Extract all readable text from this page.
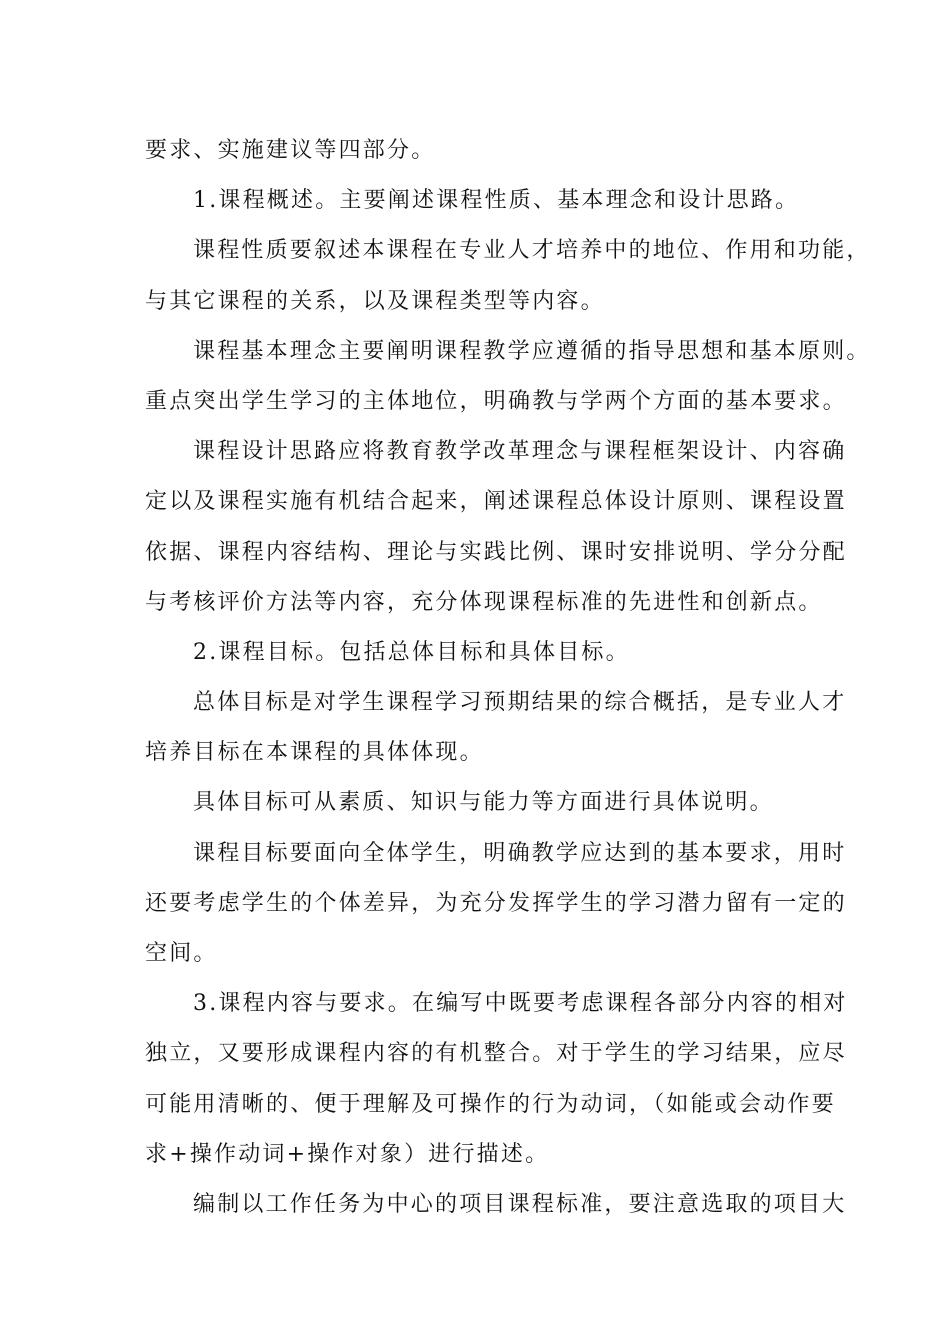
要求、实施建议等四部分。
1.课程概述。主要阐述课程性质、基本理念和设计思路。
课程性质要叙述本课程在专业人才培养中的地位、作用和功能，
与其它课程的关系，以及课程类型等内容。
课程基本理念主要阐明课程教学应遵循的指导思想和基本原则。
重点突出学生学习的主体地位，明确教与学两个方面的基本要求。
课程设计思路应将教育教学改革理念与课程框架设计、内容确
定以及课程实施有机结合起来，阐述课程总体设计原则、课程设置
依据、课程内容结构、理论与实践比例、课时安排说明、学分分配
与考核评价方法等内容，充分体现课程标准的先进性和创新点。
2.课程目标。包括总体目标和具体目标。
总体目标是对学生课程学习预期结果的综合概括，是专业人才
培养目标在本课程的具体体现。
具体目标可从素质、知识与能力等方面进行具体说明。
课程目标要面向全体学生，明确教学应达到的基本要求，用时
还要考虑学生的个体差异，为充分发挥学生的学习潜力留有一定的
空间。
3.课程内容与要求。在编写中既要考虑课程各部分内容的相对
独立，又要形成课程内容的有机整合。对于学生的学习结果，应尽
可能用清晰的、便于理解及可操作的行为动词，（如能或会动作要
求+操作动词+操作对象）进行描述。
编制以工作任务为中心的项目课程标准，要注意选取的项目大
